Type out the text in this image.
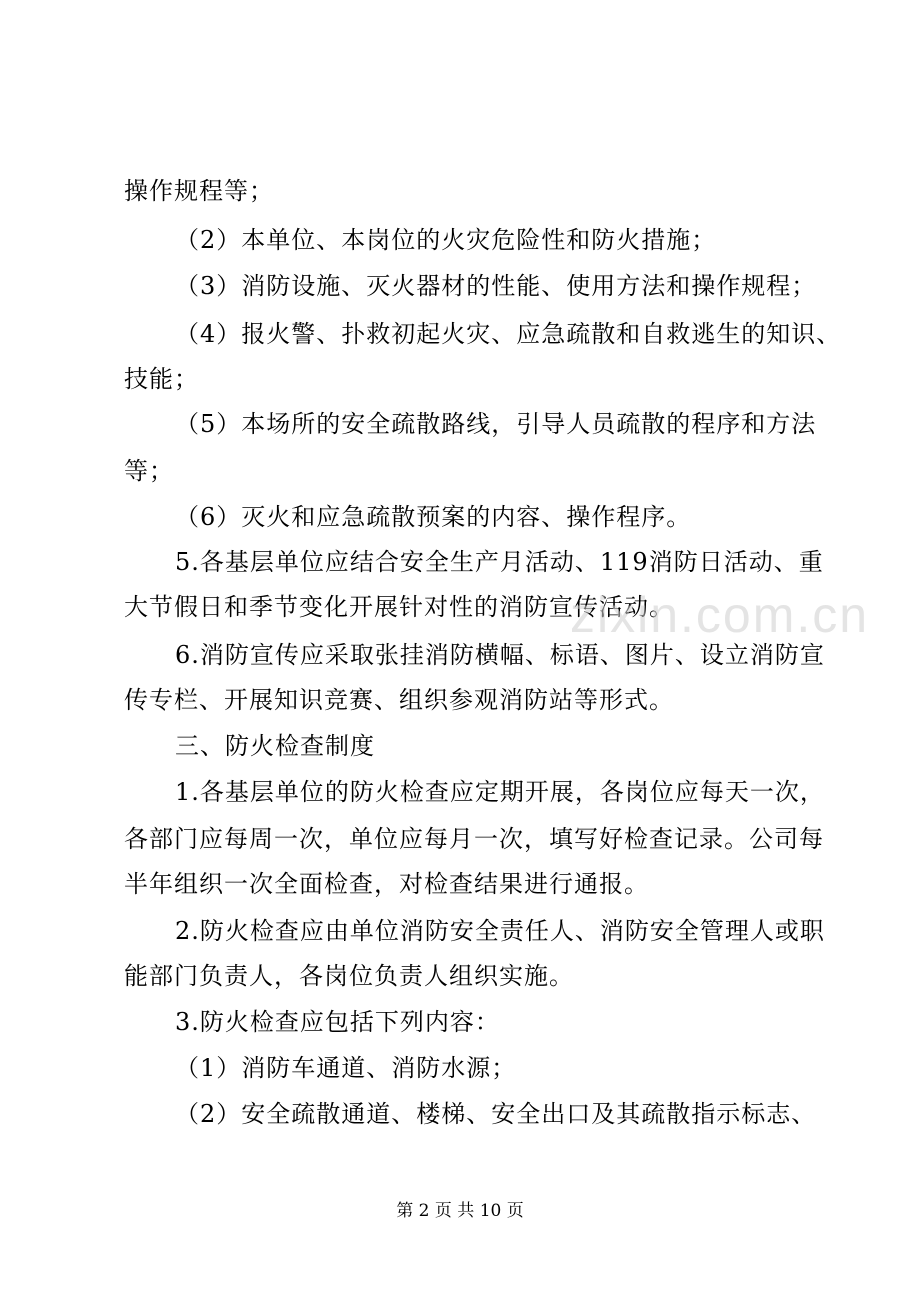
操作规程等；
（2）本单位、本岗位的火灾危险性和防火措施；
（3）消防设施、灭火器材的性能、使用方法和操作规程；
（4）报火警、扑救初起火灾、应急疏散和自救逃生的知识、
技能；
（5）本场所的安全疏散路线，引导人员疏散的程序和方法
等；
（6）灭火和应急疏散预案的内容、操作程序。
5.各基层单位应结合安全生产月活动、119消防日活动、重
大节假日和季节变化开展针对性的消防宣传活动。
zixin.com.cn
6.消防宣传应采取张挂消防横幅、标语、图片、设立消防宣
传专栏、开展知识竞赛、组织参观消防站等形式。
三、防火检查制度
1.各基层单位的防火检查应定期开展，各岗位应每天一次，
各部门应每周一次，单位应每月一次，填写好检查记录。公司每
半年组织一次全面检查，对检查结果进行通报。
2.防火检查应由单位消防安全责任人、消防安全管理人或职
能部门负责人，各岗位负责人组织实施。
3.防火检查应包括下列内容：
（1）消防车通道、消防水源；
（2）安全疏散通道、楼梯、安全出口及其疏散指示标志、
第 2 页 共 10 页
